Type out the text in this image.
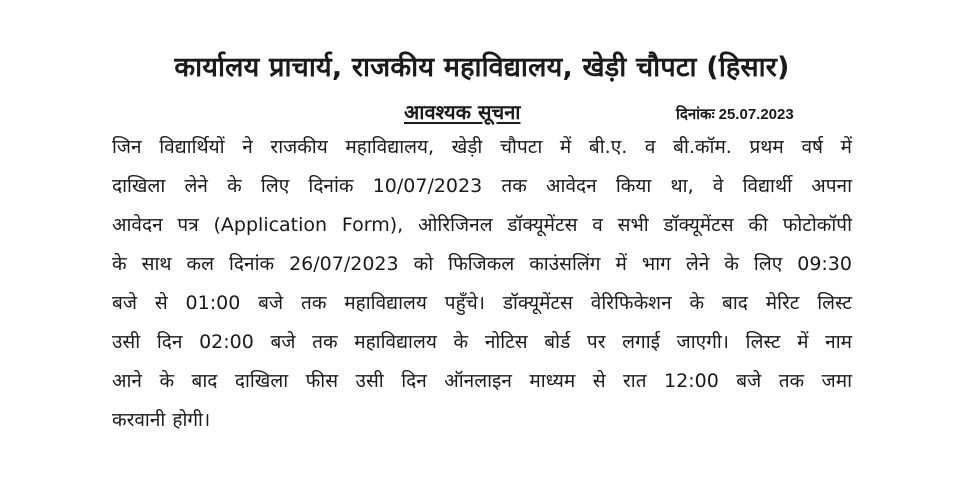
कार्यालय प्राचार्य, राजकीय महाविद्यालय, खेड़ी चौपटा (हिसार)
आवश्यक सूचना	दिनांकः 25.07.2023
जिन विद्यार्थियों ने राजकीय महाविद्यालय, खेड़ी चौपटा में बी.ए. व बी.कॉम. प्रथम वर्ष में
दाखिला लेने के लिए दिनांक 10/07/2023 तक आवेदन किया था, वे विद्यार्थी अपना
आवेदन पत्र (Application Form), ओरिजिनल डॉक्यूमेंटस व सभी डॉक्यूमेंटस की फोटोकॉपी
के साथ कल दिनांक 26/07/2023 को फिजिकल काउंसलिंग में भाग लेने के लिए 09:30
बजे से 01:00 बजे तक महाविद्यालय पहुँचे। डॉक्यूमेंटस वेरिफिकेशन के बाद मेरिट लिस्ट
उसी दिन 02:00 बजे तक महाविद्यालय के नोटिस बोर्ड पर लगाई जाएगी। लिस्ट में नाम
आने के बाद दाखिला फीस उसी दिन ऑनलाइन माध्यम से रात 12:00 बजे तक जमा
करवानी होगी।
